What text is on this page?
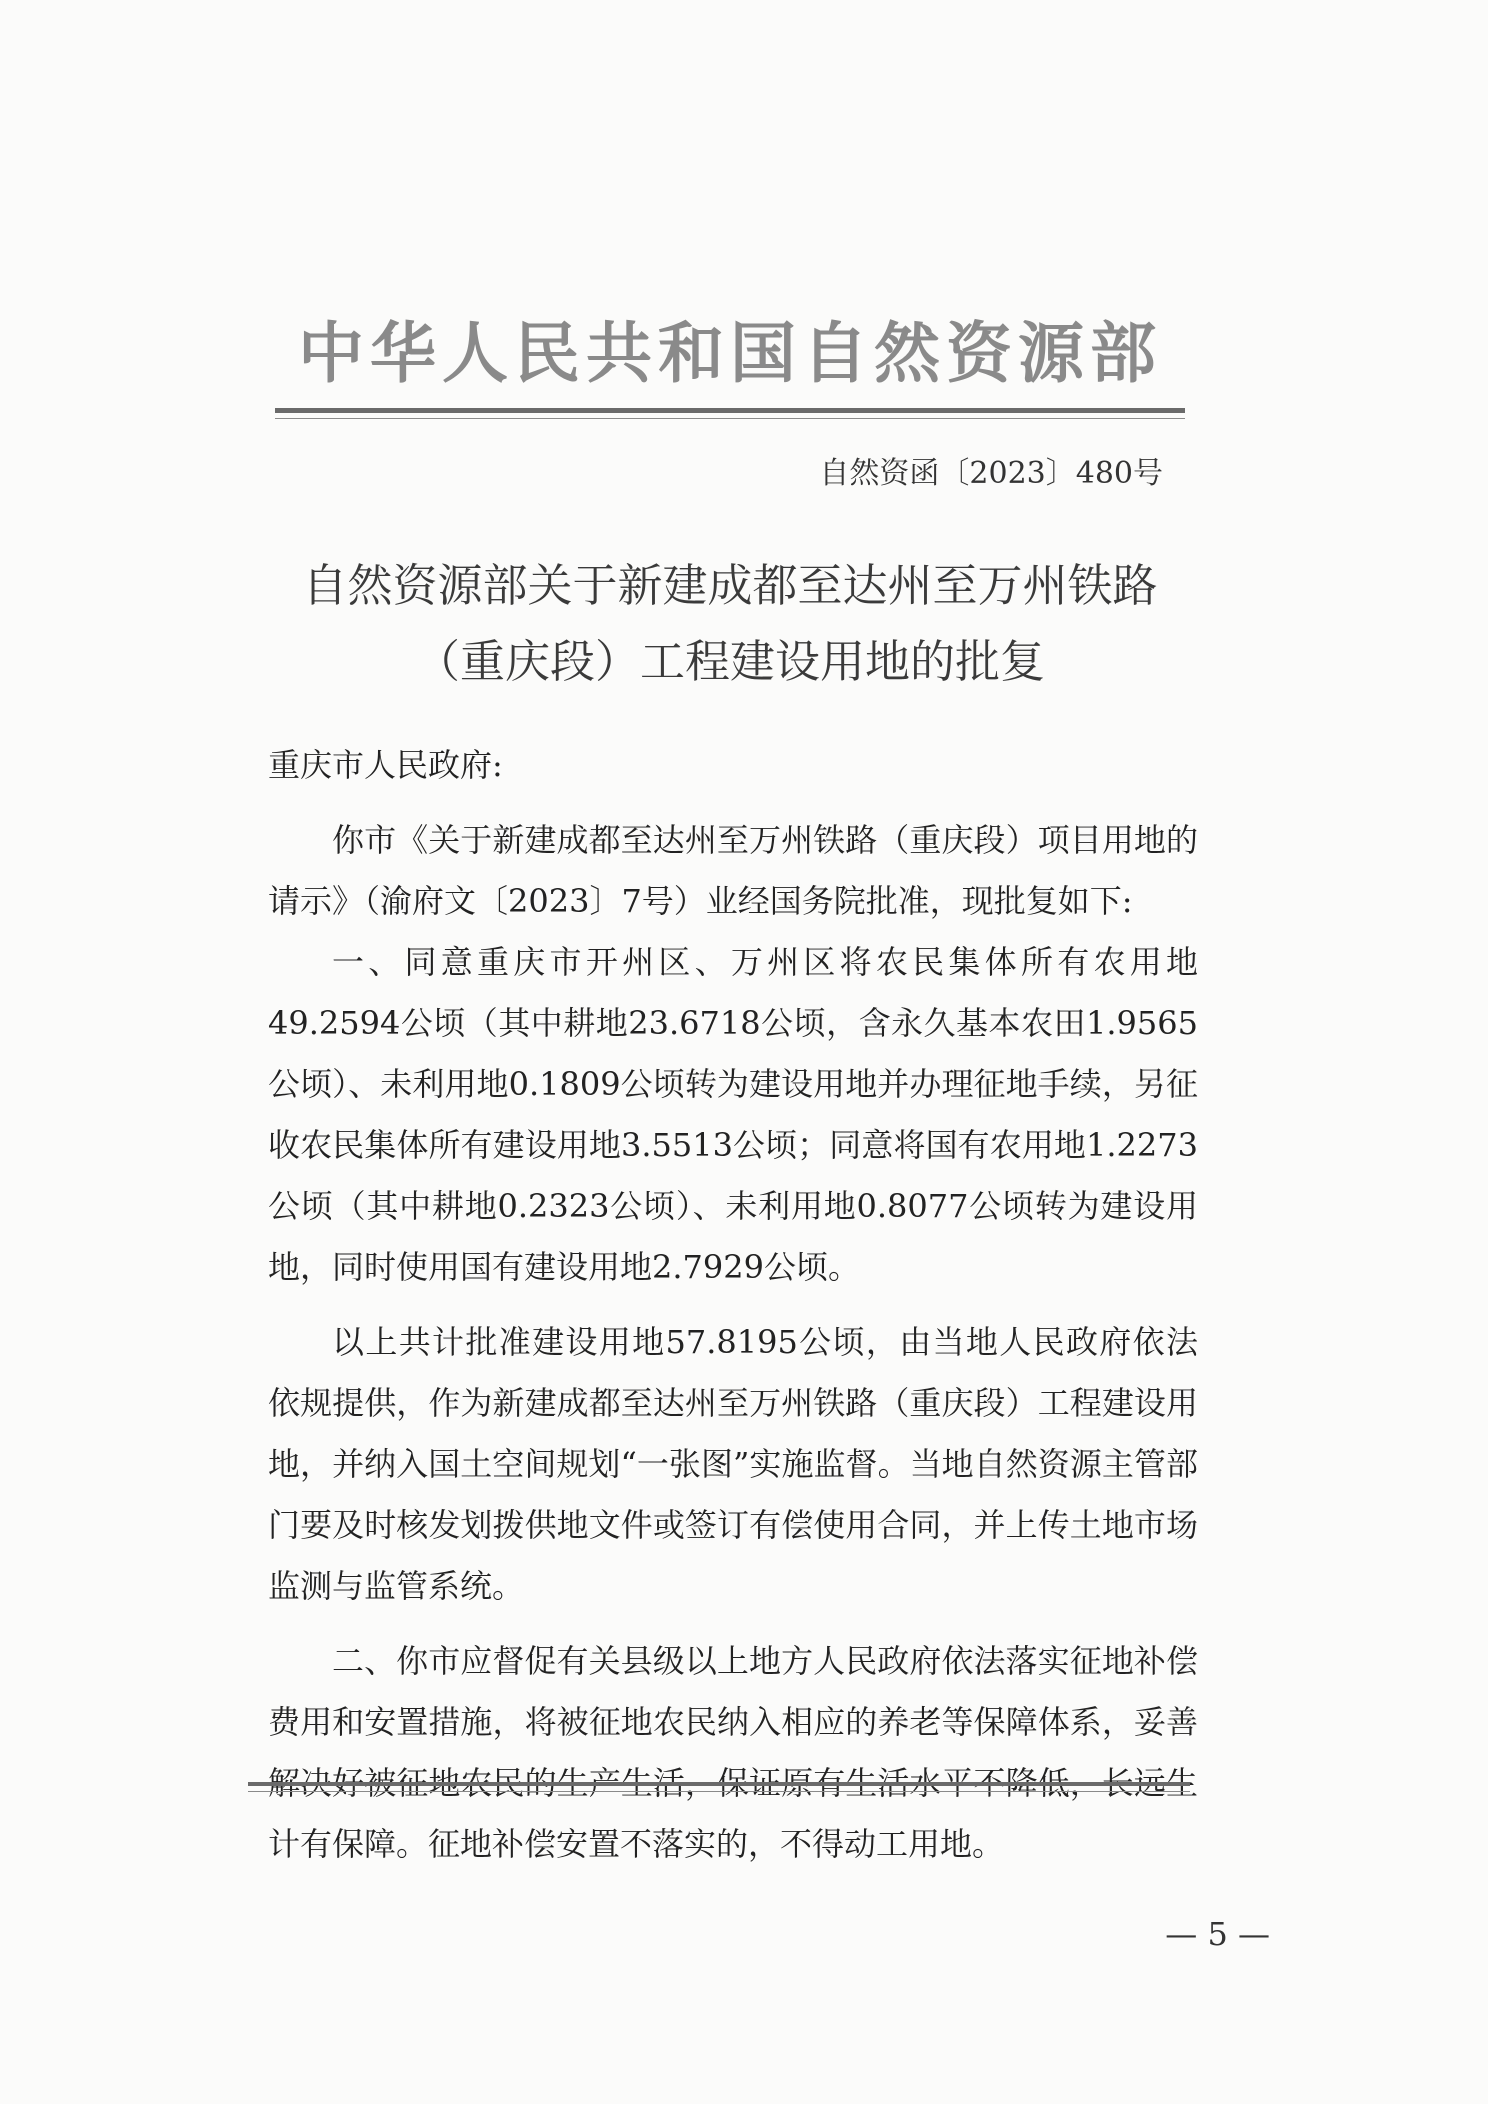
中华人民共和国自然资源部
自然资函〔2023〕480号
自然资源部关于新建成都至达州至万州铁路
（重庆段）工程建设用地的批复

重庆市人民政府:

你市《关于新建成都至达州至万州铁路（重庆段）项目用地的请示》（渝府文〔2023〕7号）业经国务院批准，现批复如下:

一、同意重庆市开州区、万州区将农民集体所有农用地49.2594公顷（其中耕地23.6718公顷，含永久基本农田1.9565公顷）、未利用地0.1809公顷转为建设用地并办理征地手续，另征收农民集体所有建设用地3.5513公顷；同意将国有农用地1.2273公顷（其中耕地0.2323公顷）、未利用地0.8077公顷转为建设用地，同时使用国有建设用地2.7929公顷。

以上共计批准建设用地57.8195公顷，由当地人民政府依法依规提供，作为新建成都至达州至万州铁路（重庆段）工程建设用地，并纳入国土空间规划“一张图”实施监督。当地自然资源主管部门要及时核发划拨供地文件或签订有偿使用合同，并上传土地市场监测与监管系统。

二、你市应督促有关县级以上地方人民政府依法落实征地补偿费用和安置措施，将被征地农民纳入相应的养老等保障体系，妥善解决好被征地农民的生产生活，保证原有生活水平不降低，长远生计有保障。征地补偿安置不落实的，不得动工用地。

— 5 —
